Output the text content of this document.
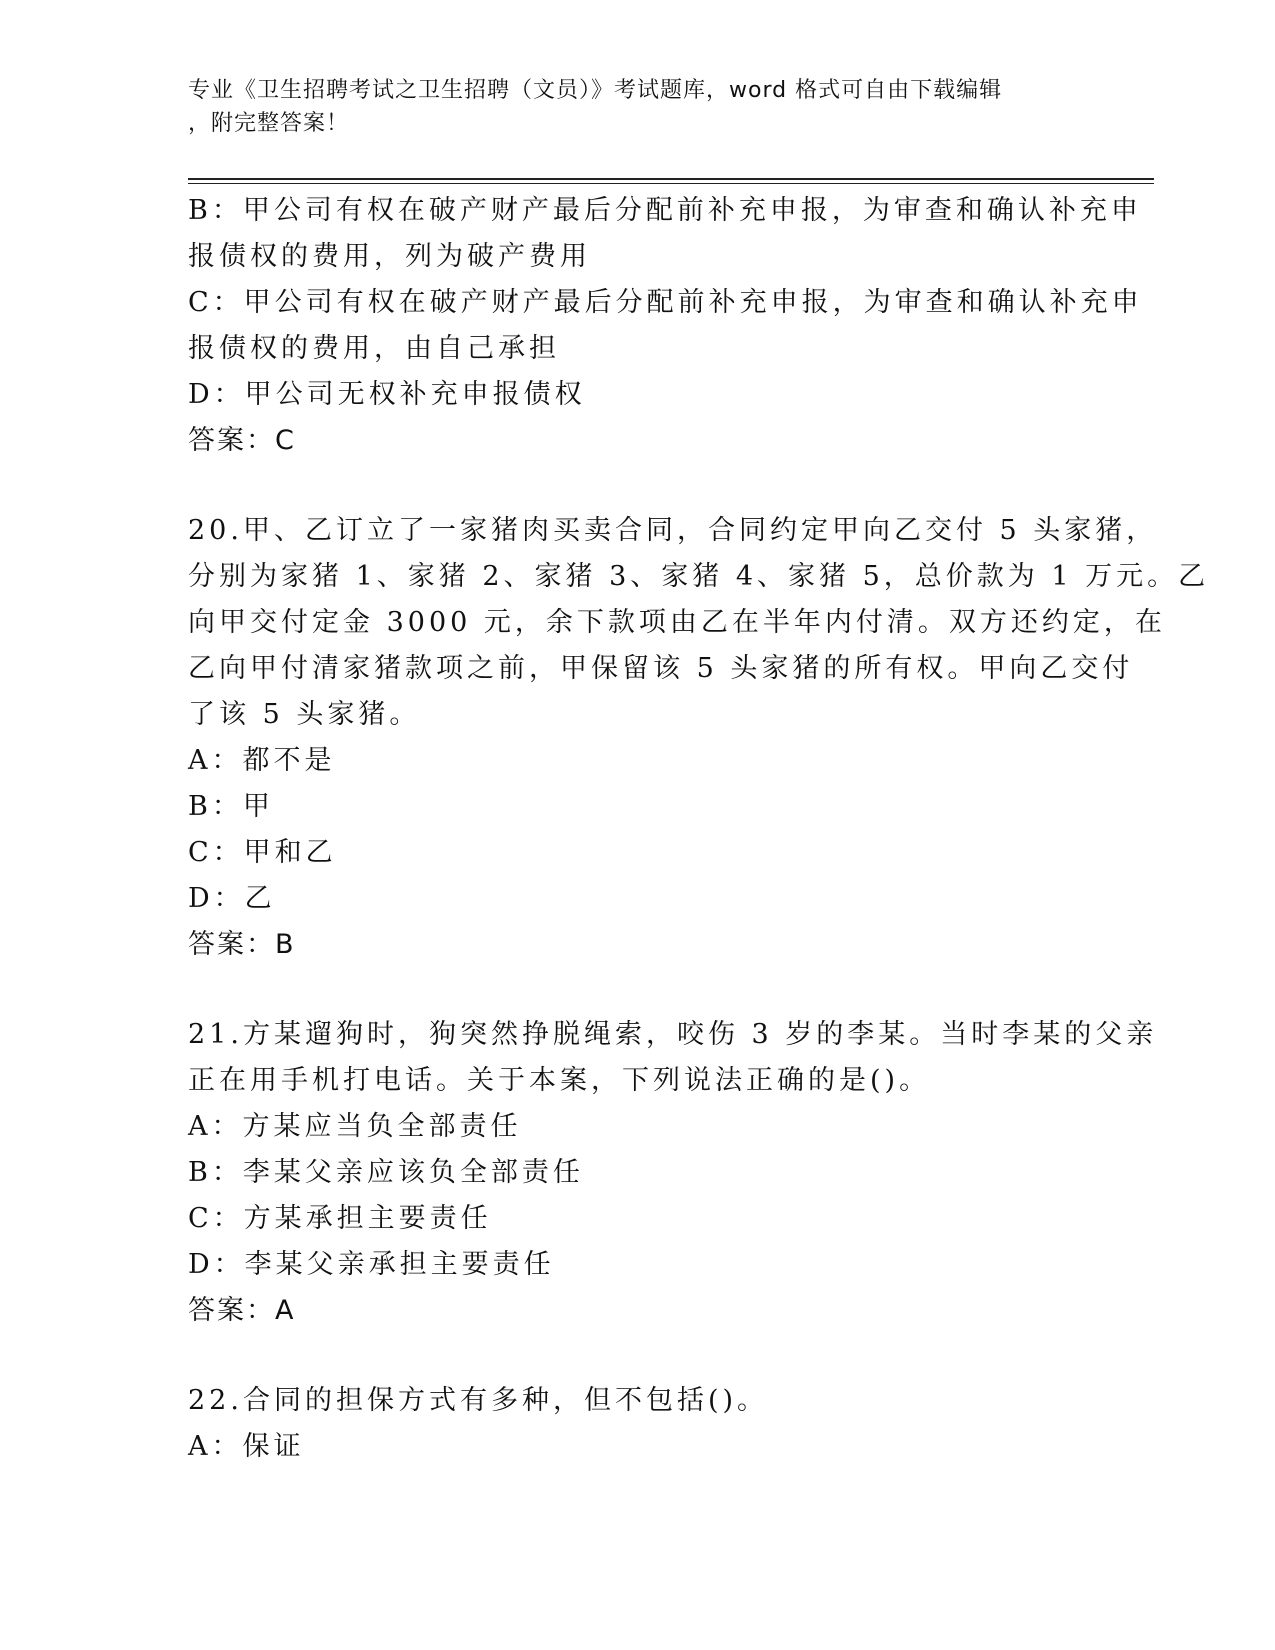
专业《卫生招聘考试之卫生招聘（文员）》考试题库，word 格式可自由下载编辑
，附完整答案！
B：甲公司有权在破产财产最后分配前补充申报，为审查和确认补充申
报债权的费用，列为破产费用
C：甲公司有权在破产财产最后分配前补充申报，为审查和确认补充申
报债权的费用，由自己承担
D：甲公司无权补充申报债权
答案：C
20.甲、乙订立了一家猪肉买卖合同，合同约定甲向乙交付 5 头家猪，
分别为家猪 1、家猪 2、家猪 3、家猪 4、家猪 5，总价款为 1 万元。乙
向甲交付定金 3000 元，余下款项由乙在半年内付清。双方还约定，在
乙向甲付清家猪款项之前，甲保留该 5 头家猪的所有权。甲向乙交付
了该 5 头家猪。
A：都不是
B：甲
C：甲和乙
D：乙
答案：B
21.方某遛狗时，狗突然挣脱绳索，咬伤 3 岁的李某。当时李某的父亲
正在用手机打电话。关于本案，下列说法正确的是()。
A：方某应当负全部责任
B：李某父亲应该负全部责任
C：方某承担主要责任
D：李某父亲承担主要责任
答案：A
22.合同的担保方式有多种，但不包括()。
A：保证
